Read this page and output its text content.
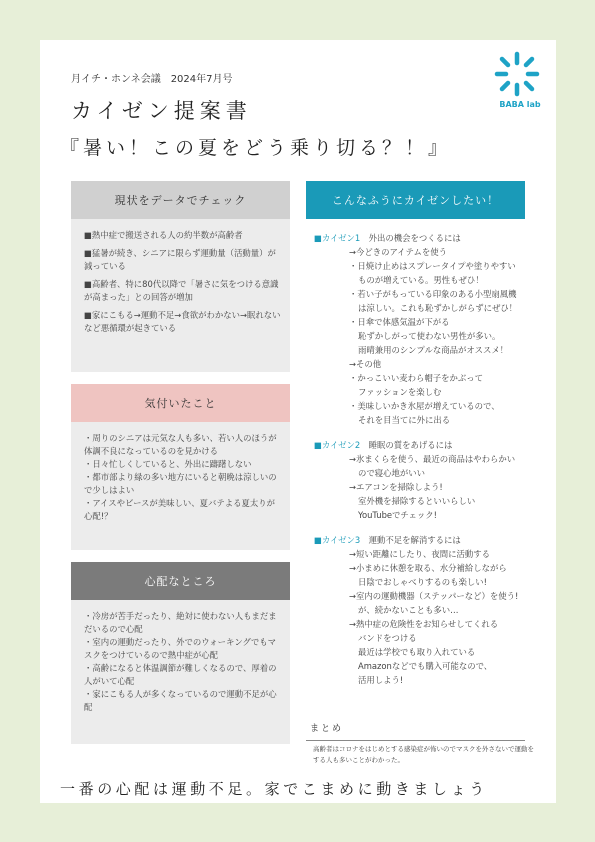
月イチ・ホンネ会議　2024年7月号
カイゼン提案書
『暑い！この夏をどう乗り切る？！』
BABA lab
現状をデータでチェック
■熱中症で搬送される人の約半数が高齢者
■猛暑が続き、シニアに限らず運動量（活動量）が減っている
■高齢者、特に80代以降で「暑さに気をつける意識が高まった」との回答が増加
■家にこもる→運動不足→食欲がわかない→眠れないなど悪循環が起きている
気付いたこと
・周りのシニアは元気な人も多い、若い人のほうが体調不良になっているのを見かける
・日々忙しくしていると、外出に躊躇しない
・都市部より緑の多い地方にいると朝晩は涼しいので少しはよい
・アイスやビースが美味しい、夏バテよる夏太りが心配!？
心配なところ
・冷房が苦手だったり、絶対に使わない人もまだまだいるので心配
・室内の運動だったり、外でのウォーキングでもマスクをつけているので熱中症が心配
・高齢になると体温調節が難しくなるので、厚着の人がいて心配
・家にこもる人が多くなっているので運動不足が心配
こんなふうにカイゼンしたい！
■カイゼン1　 外出の機会をつくるには
→今どきのアイテムを使う
・日焼け止めはスプレータイプや塗りやすい
ものが増えている。男性もぜひ！
・若い子がもっている印象のある小型扇風機
は涼しい。これも恥ずかしがらずにぜひ！
・日傘で体感気温が下がる
恥ずかしがって使わない男性が多い。
雨晴兼用のシンプルな商品がオススメ！
→その他
・かっこいい麦わら帽子をかぶって
ファッションを楽しむ
・美味しいかき氷屋が増えているので、
それを目当てに外に出る
■カイゼン2　 睡眠の質をあげるには
→氷まくらを使う、最近の商品はやわらかい
ので寝心地がいい
→エアコンを掃除しよう!
室外機を掃除するといいらしい
YouTubeでチェック!
■カイゼン3　 運動不足を解消するには
→短い距離にしたり、夜間に活動する
→小まめに休憩を取る、水分補給しながら
日陰でおしゃべりするのも楽しい!
→室内の運動機器（ステッパーなど）を使う!
が、続かないことも多い…
→熱中症の危険性をお知らせしてくれる
バンドをつける
最近は学校でも取り入れている
Amazonなどでも購入可能なので、
活用しよう!
まとめ
高齢者はコロナをはじめとする感染症が怖いのでマスクを外さないで運動をする人も多いことがわかった。
一番の心配は運動不足。家でこまめに動きましょう
